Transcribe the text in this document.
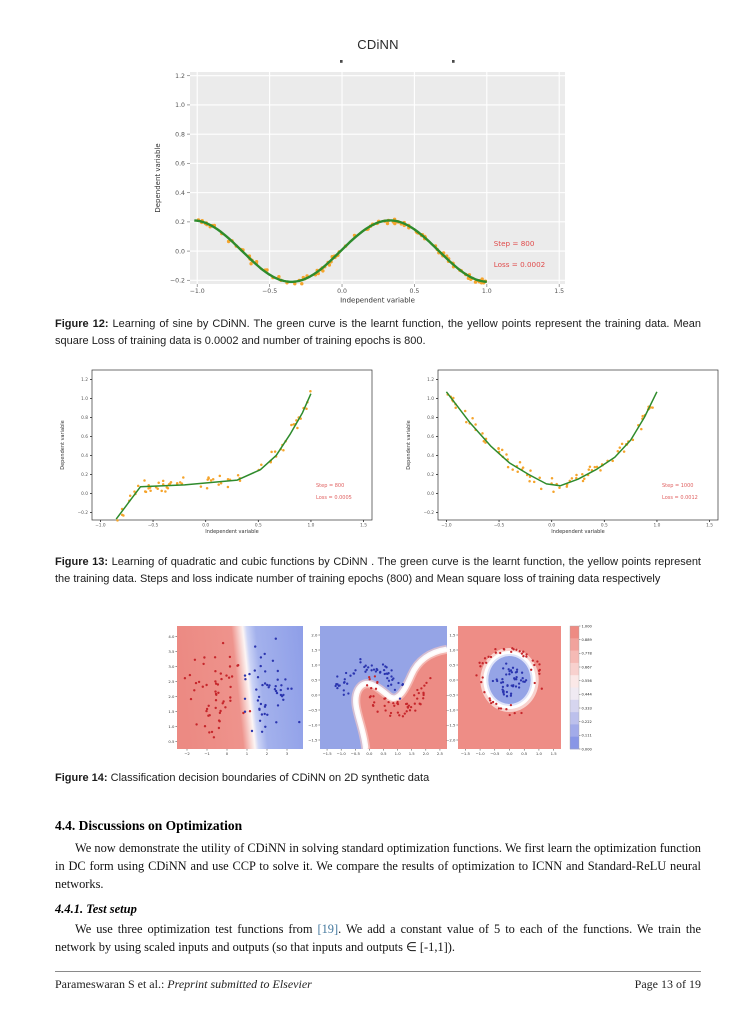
CDiNN
−1.0	−0.5	0.0	0.5	1.0	1.5
−0.2
0.0
0.2
0.4
0.6
0.8
1.0
1.2
Independent variable
Dependent variable
Step = 800
Loss = 0.0002

Figure 12: Learning of sine by CDiNN. The green curve is the learnt function, the yellow points represent the training data. Mean square Loss of training data is 0.0002 and number of training epochs is 800.

−1.0	−0.5	0.0	0.5	1.0	1.5
−0.2
0.0
0.2
0.4
0.6
0.8
1.0
1.2
Independent variable
Dependent variable
Step = 800
Loss = 0.0005
−1.0	−0.5	0.0	0.5	1.0	1.5
−0.2
0.0
0.2
0.4
0.6
0.8
1.0
1.2
Independent variable
Dependent variable
Step = 1000
Loss = 0.0012

Figure 13: Learning of quadratic and cubic functions by CDiNN . The green curve is the learnt function, the yellow points represent the training data. Steps and loss indicate number of training epochs (800) and Mean square loss of training data respectively

−2	−1	0	1	2	3
4.0
3.5
3.0
2.5
2.0
1.5
1.0
0.5
−1.5 −1.0 −0.5 0.0 0.5 1.0 1.5 2.0 2.5
2.0
1.5
1.0
0.5
0.0
−0.5
−1.0
−1.5
−1.5 −1.0 −0.5 0.0 0.5 1.0 1.5
1.5
1.0
0.5
0.0
−0.5
−1.0
−1.5
−2.0
1.000
0.889
0.778
0.667
0.556
0.444
0.333
0.222
0.111
0.000

Figure 14: Classification decision boundaries of CDiNN on 2D synthetic data

4.4. Discussions on Optimization

We now demonstrate the utility of CDiNN in solving standard optimization functions. We first learn the optimization function in DC form using CDiNN and use CCP to solve it. We compare the results of optimization to ICNN and Standard-ReLU neural networks.

4.4.1. Test setup

We use three optimization test functions from [19]. We add a constant value of 5 to each of the functions. We train the network by using scaled inputs and outputs (so that inputs and outputs ∈ [-1,1]).

Parameswaran S et al.: Preprint submitted to Elsevier	Page 13 of 19
